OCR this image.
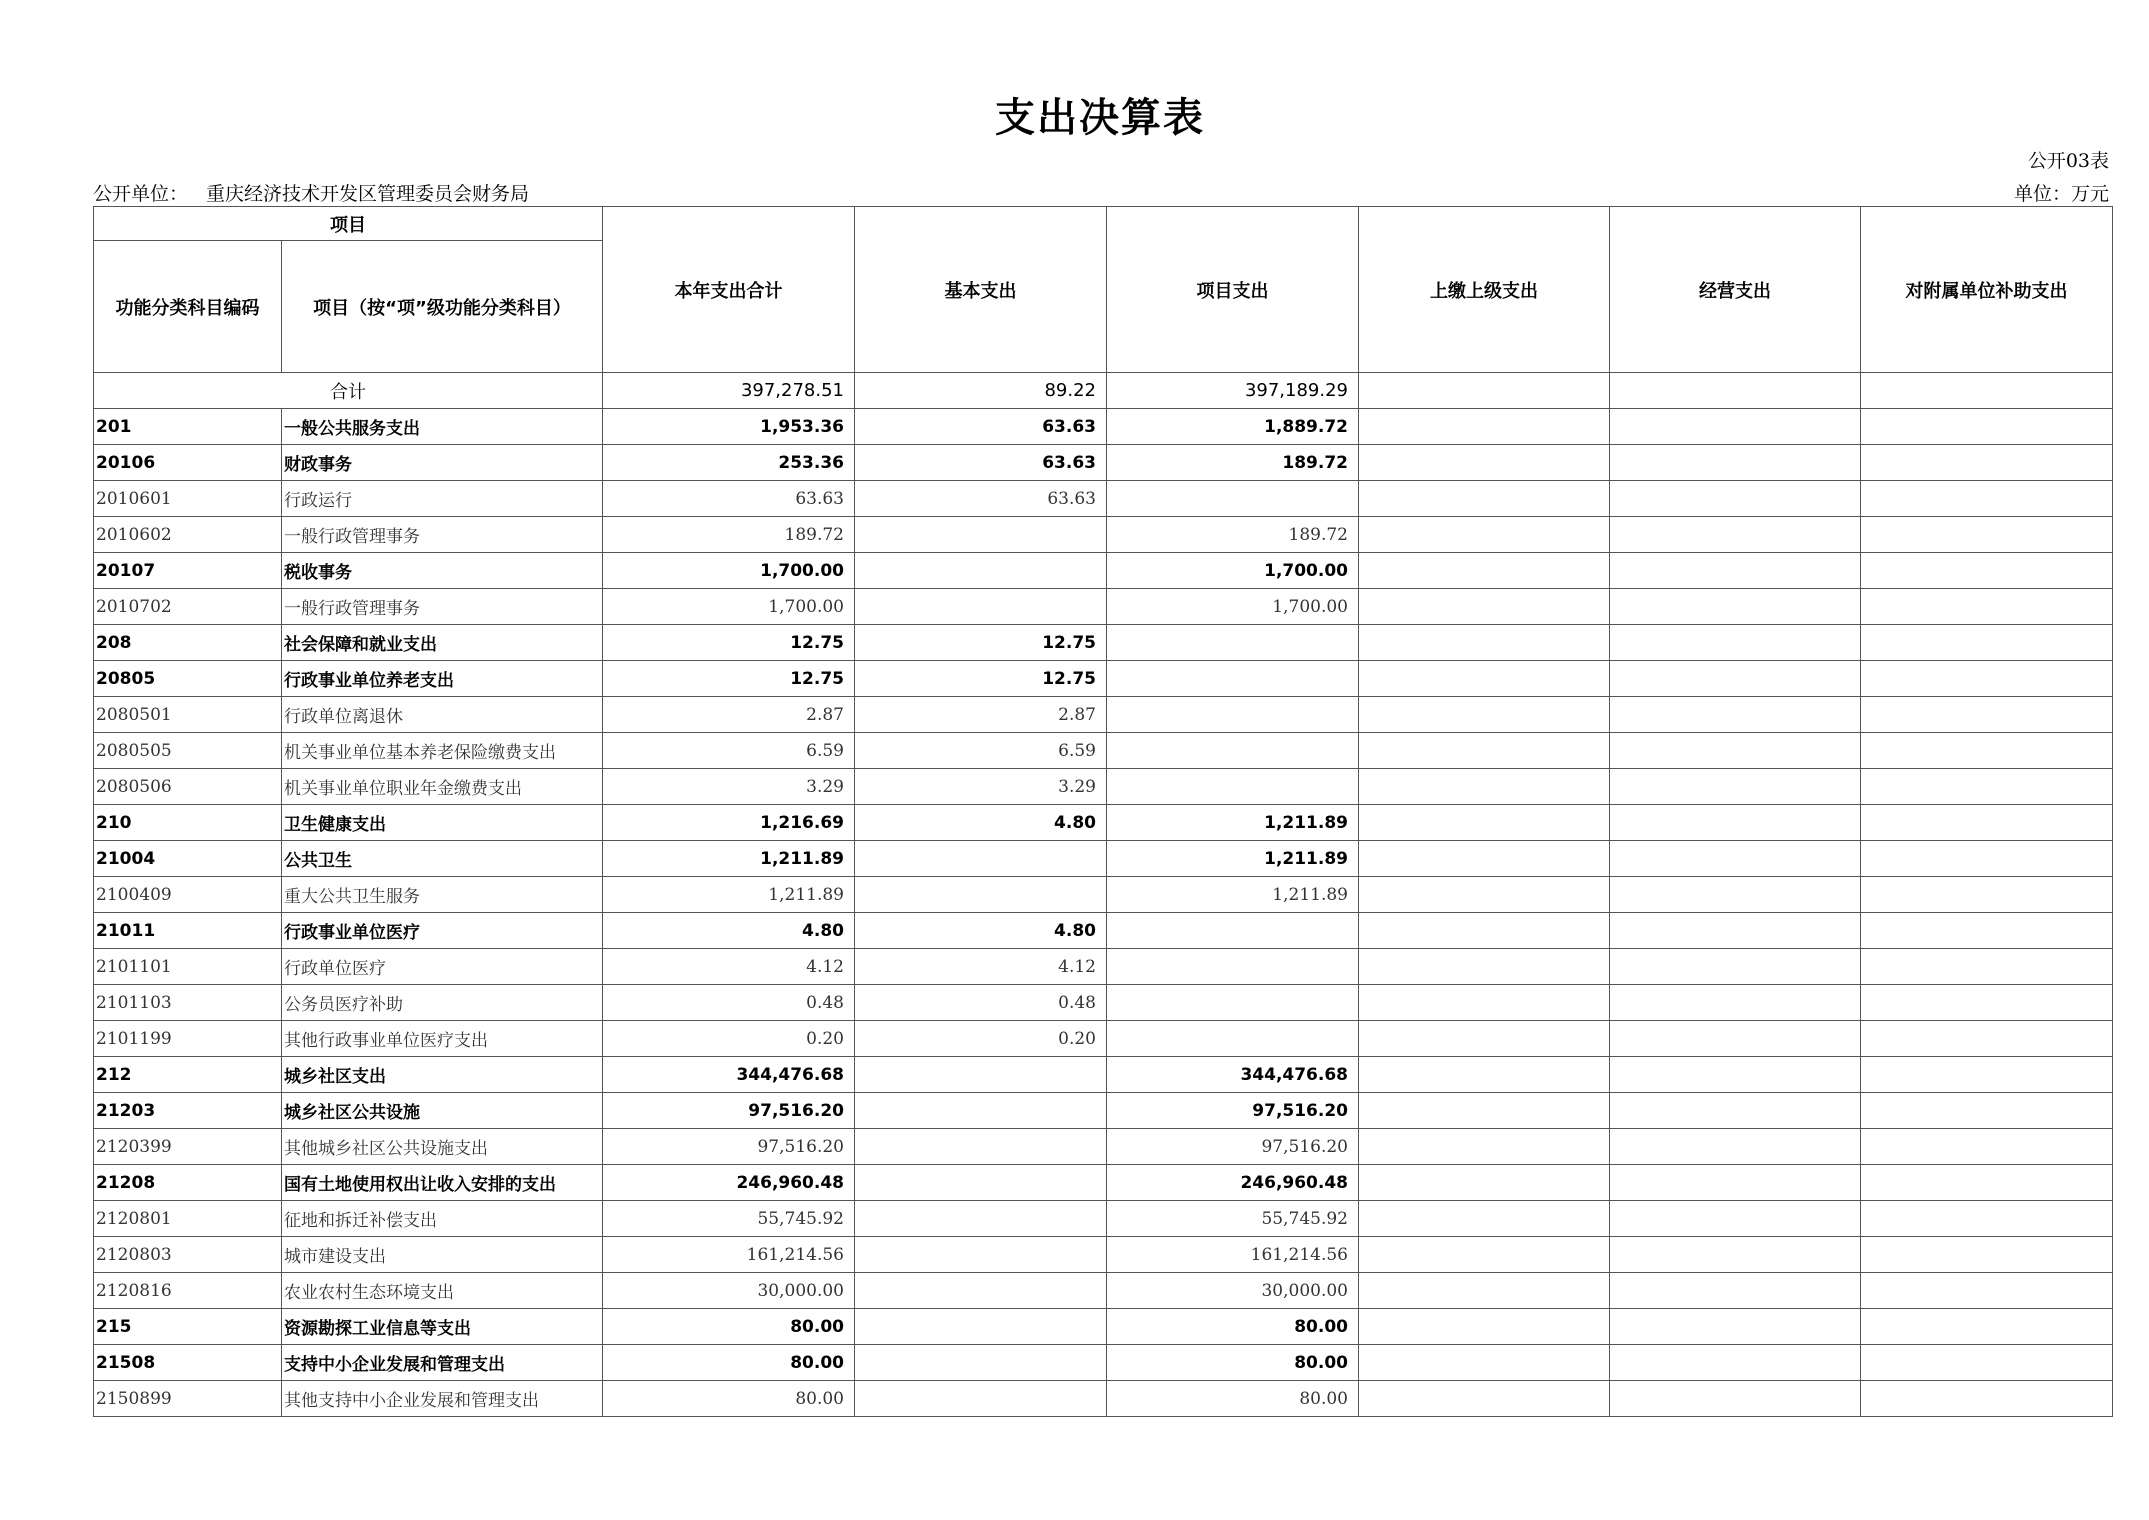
支出决算表
公开03表
公开单位： 重庆经济技术开发区管理委员会财务局	单位：万元
项目		本年支出合计	基本支出	项目支出	上缴上级支出	经营支出	对附属单位补助支出
功能分类科目编码	项目（按“项”级功能分类科目）						
合计		397,278.51	89.22	397,189.29			
201	一般公共服务支出	1,953.36	63.63	1,889.72			
20106	财政事务	253.36	63.63	189.72			
2010601	行政运行	63.63	63.63				
2010602	一般行政管理事务	189.72		189.72			
20107	税收事务	1,700.00		1,700.00			
2010702	一般行政管理事务	1,700.00		1,700.00			
208	社会保障和就业支出	12.75	12.75				
20805	行政事业单位养老支出	12.75	12.75				
2080501	行政单位离退休	2.87	2.87				
2080505	机关事业单位基本养老保险缴费支出	6.59	6.59				
2080506	机关事业单位职业年金缴费支出	3.29	3.29				
210	卫生健康支出	1,216.69	4.80	1,211.89			
21004	公共卫生	1,211.89		1,211.89			
2100409	重大公共卫生服务	1,211.89		1,211.89			
21011	行政事业单位医疗	4.80	4.80				
2101101	行政单位医疗	4.12	4.12				
2101103	公务员医疗补助	0.48	0.48				
2101199	其他行政事业单位医疗支出	0.20	0.20				
212	城乡社区支出	344,476.68		344,476.68			
21203	城乡社区公共设施	97,516.20		97,516.20			
2120399	其他城乡社区公共设施支出	97,516.20		97,516.20			
21208	国有土地使用权出让收入安排的支出	246,960.48		246,960.48			
2120801	征地和拆迁补偿支出	55,745.92		55,745.92			
2120803	城市建设支出	161,214.56		161,214.56			
2120816	农业农村生态环境支出	30,000.00		30,000.00			
215	资源勘探工业信息等支出	80.00		80.00			
21508	支持中小企业发展和管理支出	80.00		80.00			
2150899	其他支持中小企业发展和管理支出	80.00		80.00			
